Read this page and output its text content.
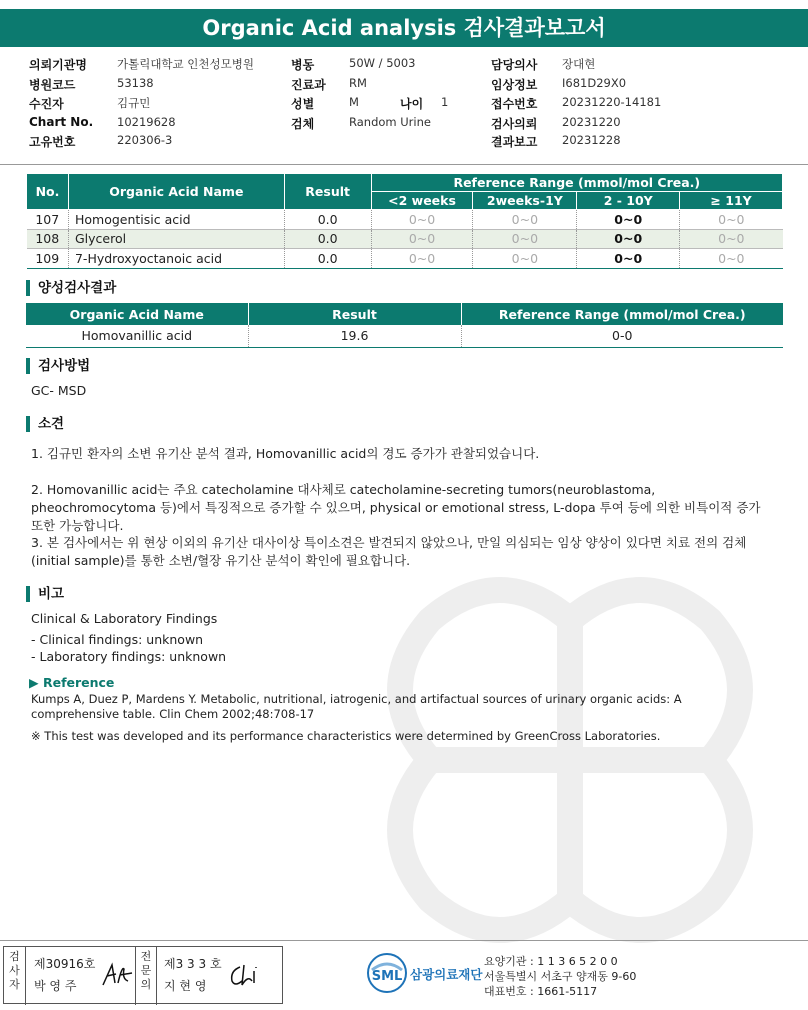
Organic Acid analysis 검사결과보고서
의뢰기관명	가톨릭대학교 인천성모병원	병동	50W / 5003	담당의사 장대현
병원코드	53138	진료과 RM	임상정보 I681D29X0
수진자	김규민	성별	M	나이 1	접수번호 20231220-14181
Chart No. 10219628	검체	Random Urine	검사의뢰 20231220
고유번호	220306-3	결과보고 20231228
No.	Organic Acid Name	Result	Reference Range (mmol/mol Crea.)			
			<2 weeks	2weeks-1Y	2 - 10Y	≥ 11Y
107	Homogentisic acid	0.0	0~0	0~0	0~0	0~0
108	Glycerol	0.0	0~0	0~0	0~0	0~0
109	7-Hydroxyoctanoic acid	0.0	0~0	0~0	0~0	0~0
양성검사결과
Organic Acid Name	Result	Reference Range (mmol/mol Crea.)
Homovanillic acid	19.6	0-0
검사방법
GC- MSD
소견
1. 김규민 환자의 소변 유기산 분석 결과, Homovanillic acid의 경도 증가가 관찰되었습니다.
2. Homovanillic acid는 주요 catecholamine 대사체로 catecholamine-secreting tumors(neuroblastoma, pheochromocytoma 등)에서 특징적으로 증가할 수 있으며, physical or emotional stress, L-dopa 투여 등에 의한 비특이적 증가 또한 가능합니다.
3. 본 검사에서는 위 현상 이외의 유기산 대사이상 특이소견은 발견되지 않았으나, 만일 의심되는 임상 양상이 있다면 치료 전의 검체 (initial sample)를 통한 소변/혈장 유기산 분석이 확인에 필요합니다.
비고
Clinical & Laboratory Findings
- Clinical findings: unknown
- Laboratory findings: unknown
▶ Reference
Kumps A, Duez P, Mardens Y. Metabolic, nutritional, iatrogenic, and artifactual sources of urinary organic acids: A comprehensive table. Clin Chem 2002;48:708-17
※ This test was developed and its performance characteristics were determined by GreenCross Laboratories.
검
사
자
제30916호
박 영 주
전
문
의
제3 3 3 호
지 현 영
SML 삼광의료재단
요양기관 : 1 1 3 6 5 2 0 0
서울특별시 서초구 양재동 9-60
대표번호 : 1661-5117
